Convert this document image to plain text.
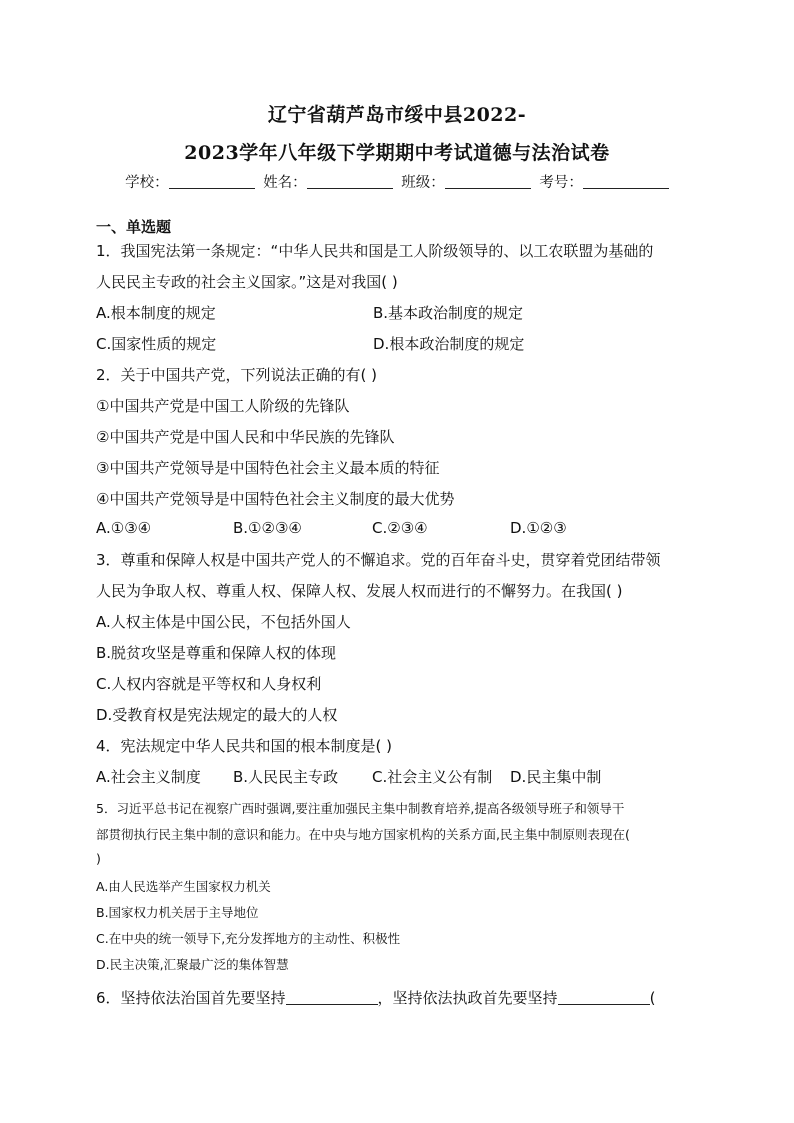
辽宁省葫芦岛市绥中县2022-
2023学年八年级下学期期中考试道德与法治试卷
学校：	姓名：	班级：	考号：
一、单选题
1．我国宪法第一条规定：“中华人民共和国是工人阶级领导的、以工农联盟为基础的
人民民主专政的社会主义国家。”这是对我国( )
A.根本制度的规定	B.基本政治制度的规定
C.国家性质的规定	D.根本政治制度的规定
2．关于中国共产党，下列说法正确的有( )
①中国共产党是中国工人阶级的先锋队
②中国共产党是中国人民和中华民族的先锋队
③中国共产党领导是中国特色社会主义最本质的特征
④中国共产党领导是中国特色社会主义制度的最大优势
A.①③④	B.①②③④	C.②③④	D.①②③
3．尊重和保障人权是中国共产党人的不懈追求。党的百年奋斗史，贯穿着党团结带领
人民为争取人权、尊重人权、保障人权、发展人权而进行的不懈努力。在我国( )
A.人权主体是中国公民，不包括外国人
B.脱贫攻坚是尊重和保障人权的体现
C.人权内容就是平等权和人身权利
D.受教育权是宪法规定的最大的人权
4．宪法规定中华人民共和国的根本制度是( )
A.社会主义制度 B.人民民主专政 C.社会主义公有制 D.民主集中制
5．习近平总书记在视察广西时强调,要注重加强民主集中制教育培养,提高各级领导班子和领导干
部贯彻执行民主集中制的意识和能力。在中央与地方国家机构的关系方面,民主集中制原则表现在(
)
A.由人民选举产生国家权力机关
B.国家权力机关居于主导地位
C.在中央的统一领导下,充分发挥地方的主动性、积极性
D.民主决策,汇聚最广泛的集体智慧
6．坚持依法治国首先要坚持	，坚持依法执政首先要坚持	(
